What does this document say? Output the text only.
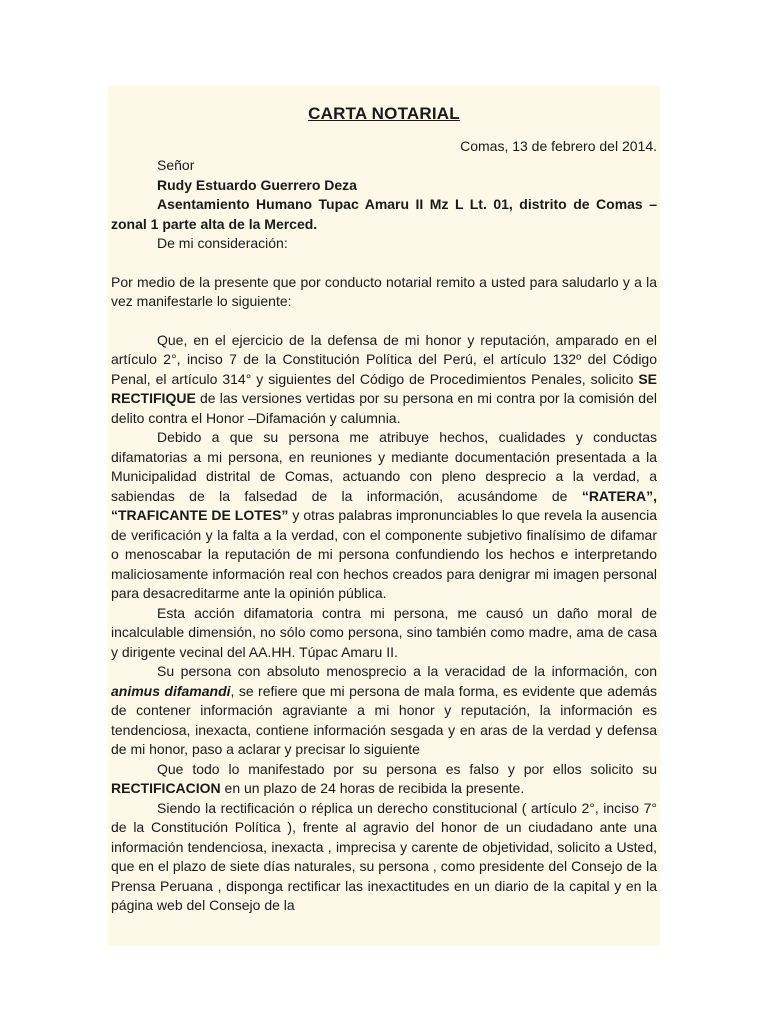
CARTA NOTARIAL

Comas, 13 de febrero del 2014.

Señor

Rudy Estuardo Guerrero Deza

Asentamiento Humano Tupac Amaru II Mz L Lt. 01, distrito de Comas – zonal 1 parte alta de la Merced.

De mi consideración:

Por medio de la presente que por conducto notarial remito a usted para saludarlo y a la vez manifestarle lo siguiente:

Que, en el ejercicio de la defensa de mi honor y reputación, amparado en el artículo 2°, inciso 7 de la Constitución Política del Perú, el artículo 132º del Código Penal, el artículo 314° y siguientes del Código de Procedimientos Penales, solicito SE RECTIFIQUE de las versiones vertidas por su persona en mi contra por la comisión del delito contra el Honor –Difamación y calumnia.

Debido a que su persona me atribuye hechos, cualidades y conductas difamatorias a mi persona, en reuniones y mediante documentación presentada a la Municipalidad distrital de Comas, actuando con pleno desprecio a la verdad, a sabiendas de la falsedad de la información, acusándome de “RATERA”, “TRAFICANTE DE LOTES” y otras palabras impronunciables lo que revela la ausencia de verificación y la falta a la verdad, con el componente subjetivo finalísimo de difamar o menoscabar la reputación de mi persona confundiendo los hechos e interpretando maliciosamente información real con hechos creados para denigrar mi imagen personal para desacreditarme ante la opinión pública.

Esta acción difamatoria contra mi persona, me causó un daño moral de incalculable dimensión, no sólo como persona, sino también como madre, ama de casa y dirigente vecinal del AA.HH. Túpac Amaru II.

Su persona con absoluto menosprecio a la veracidad de la información, con animus difamandi, se refiere que mi persona de mala forma, es evidente que además de contener información agraviante a mi honor y reputación, la información es tendenciosa, inexacta, contiene información sesgada y en aras de la verdad y defensa de mi honor, paso a aclarar y precisar lo siguiente

Que todo lo manifestado por su persona es falso y por ellos solicito su RECTIFICACION en un plazo de 24 horas de recibida la presente.

Siendo la rectificación o réplica un derecho constitucional ( artículo 2°, inciso 7° de la Constitución Política ), frente al agravio del honor de un ciudadano ante una información tendenciosa, inexacta , imprecisa y carente de objetividad, solicito a Usted, que en el plazo de siete días naturales, su persona , como presidente del Consejo de la Prensa Peruana , disponga rectificar las inexactitudes en un diario de la capital y en la página web del Consejo de la
